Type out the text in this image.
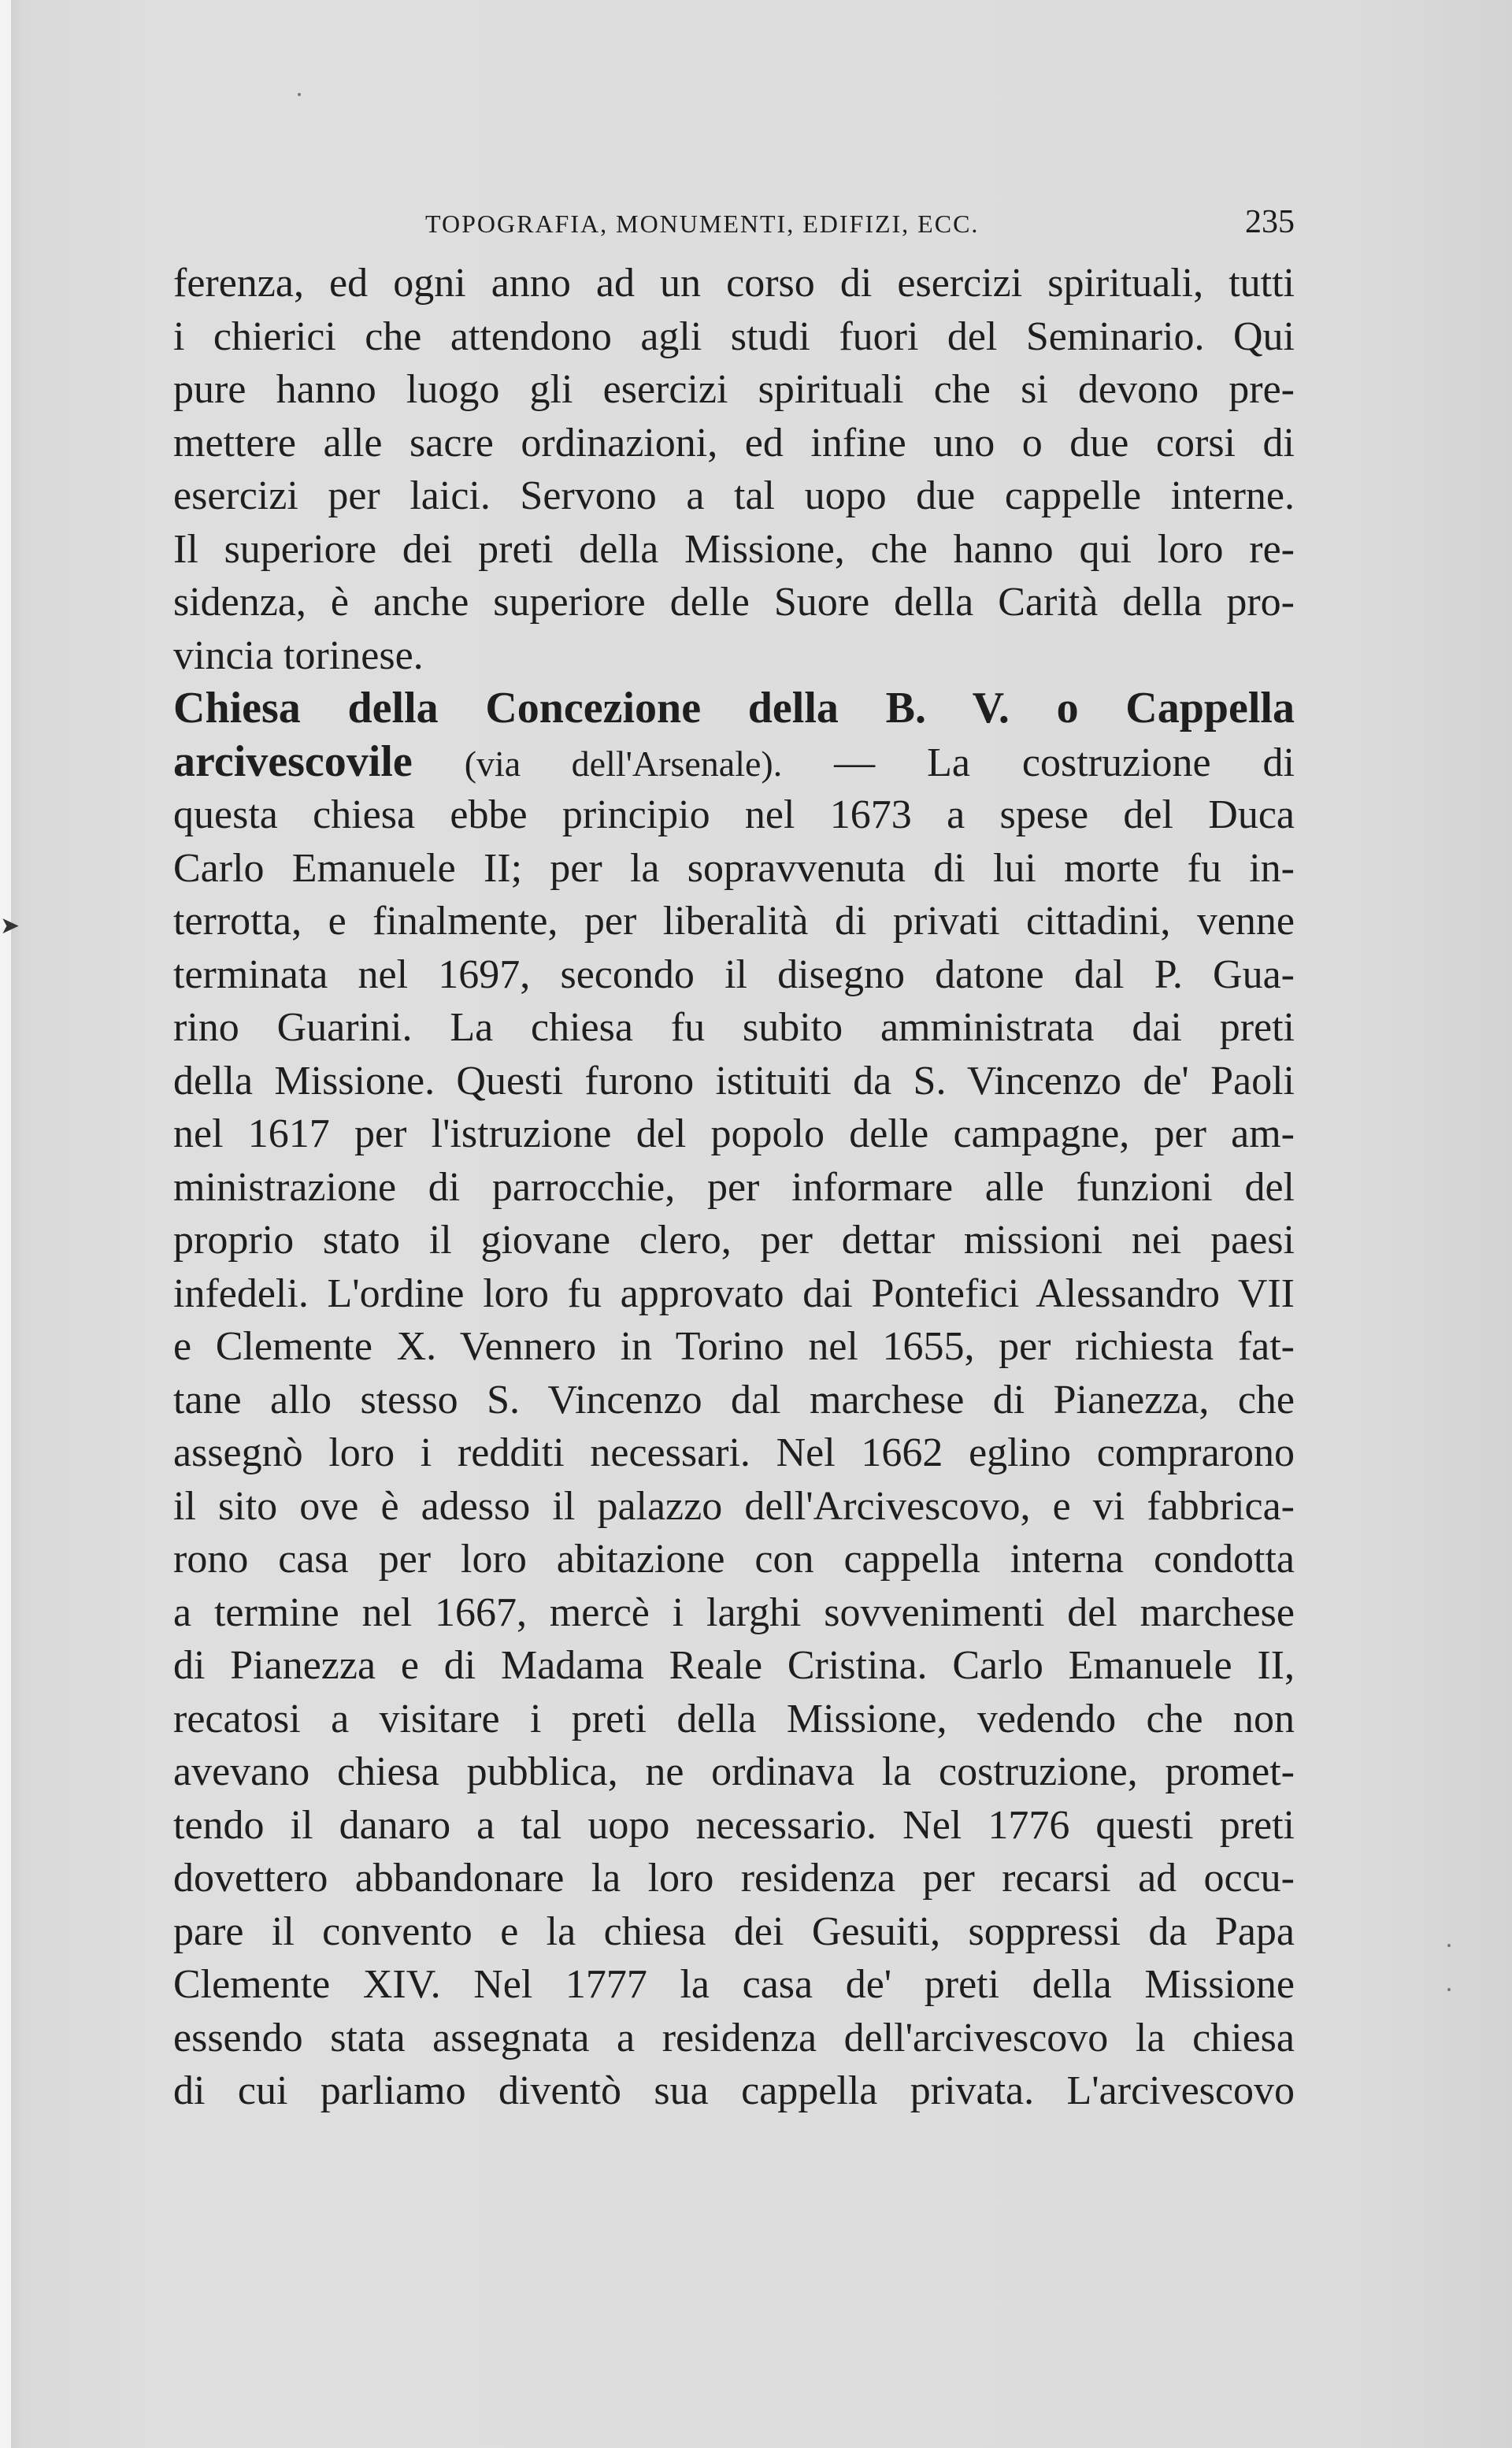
TOPOGRAFIA, MONUMENTI, EDIFIZI, ECC.	235
➤
ferenza, ed ogni anno ad un corso di esercizi spirituali, tutti
i chierici che attendono agli studi fuori del Seminario. Qui
pure hanno luogo gli esercizi spirituali che si devono pre-
mettere alle sacre ordinazioni, ed infine uno o due corsi di
esercizi per laici. Servono a tal uopo due cappelle interne.
Il superiore dei preti della Missione, che hanno qui loro re-
sidenza, è anche superiore delle Suore della Carità della pro-
vincia torinese.
Chiesa della Concezione della B. V. o Cappella
arcivescovile (via dell'Arsenale). — La costruzione di
questa chiesa ebbe principio nel 1673 a spese del Duca
Carlo Emanuele II; per la sopravvenuta di lui morte fu in-
terrotta, e finalmente, per liberalità di privati cittadini, venne
terminata nel 1697, secondo il disegno datone dal P. Gua-
rino Guarini. La chiesa fu subito amministrata dai preti
della Missione. Questi furono istituiti da S. Vincenzo de' Paoli
nel 1617 per l'istruzione del popolo delle campagne, per am-
ministrazione di parrocchie, per informare alle funzioni del
proprio stato il giovane clero, per dettar missioni nei paesi
infedeli. L'ordine loro fu approvato dai Pontefici Alessandro VII
e Clemente X. Vennero in Torino nel 1655, per richiesta fat-
tane allo stesso S. Vincenzo dal marchese di Pianezza, che
assegnò loro i redditi necessari. Nel 1662 eglino comprarono
il sito ove è adesso il palazzo dell'Arcivescovo, e vi fabbrica-
rono casa per loro abitazione con cappella interna condotta
a termine nel 1667, mercè i larghi sovvenimenti del marchese
di Pianezza e di Madama Reale Cristina. Carlo Emanuele II,
recatosi a visitare i preti della Missione, vedendo che non
avevano chiesa pubblica, ne ordinava la costruzione, promet-
tendo il danaro a tal uopo necessario. Nel 1776 questi preti
dovettero abbandonare la loro residenza per recarsi ad occu-
pare il convento e la chiesa dei Gesuiti, soppressi da Papa
Clemente XIV. Nel 1777 la casa de' preti della Missione
essendo stata assegnata a residenza dell'arcivescovo la chiesa
di cui parliamo diventò sua cappella privata. L'arcivescovo
